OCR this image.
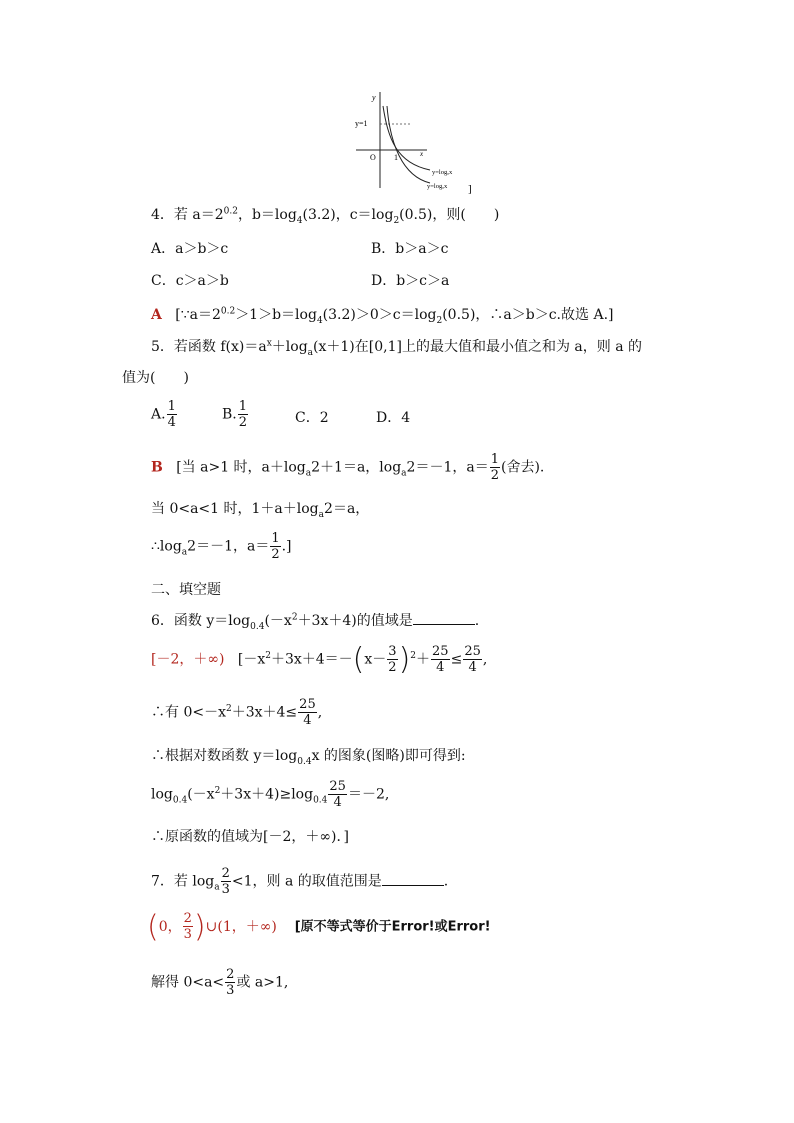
y
x
y=1
O 1
y=logₐx
y=logₐx ]
4．若 $a=2^{0.2}$，$b=\log_4(3.2)$，$c=\log_2(0.5)$，则(　　)
A．a＞b＞c	B．b＞a＞c
C．c＞a＞b	D．b＞c＞a
A [$\because a=2^{0.2}>1>b=\log_4(3.2)>0>c=\log_2(0.5)$，∴a＞b＞c.故选 A.]
5．若函数 $f(x)=a^x+\log_a(x+1)$在[0,1]上的最大值和最小值之和为 a，则 a 的
值为(　　)
A. $\frac{1}{4}$	B. $\frac{1}{2}$	C．2	D．4
B [当 a>1 时，$a+\log_a2+1=a$，$\log_a2=-1$，$a= \frac{1}{2}$ (舍去).
当 0<a<1 时，$1+a+\log_a2=a$，
$\therefore\log_a2=-1$，$a= \frac{1}{2}$ .]
二、填空题
6．函数 $y=\log_{0.4}(-x^2+3x+4)$的值域是	.
[－2，＋∞) [$-x^2+3x+4=-(x- \frac{3}{2} )^2+ \frac{25}{4} \le \frac{25}{4}$ ,
∴有 $0<-x^2+3x+4\le \frac{25}{4}$ ,
∴根据对数函数 $y=\log_{0.4}x$ 的图象(图略)即可得到:
$\log_{0.4}(-x^2+3x+4)\ge\log_{0.4} \frac{25}{4} =-2$,
∴原函数的值域为[－2，＋∞)．]
7．若 $\log_a \frac{2}{3} <1$，则 a 的取值范围是	.
(0， $\frac{2}{3}$ )∪(1，＋∞) [原不等式等价于Error!或Error!
解得 $0<a< \frac{2}{3}$ 或 a>1,
